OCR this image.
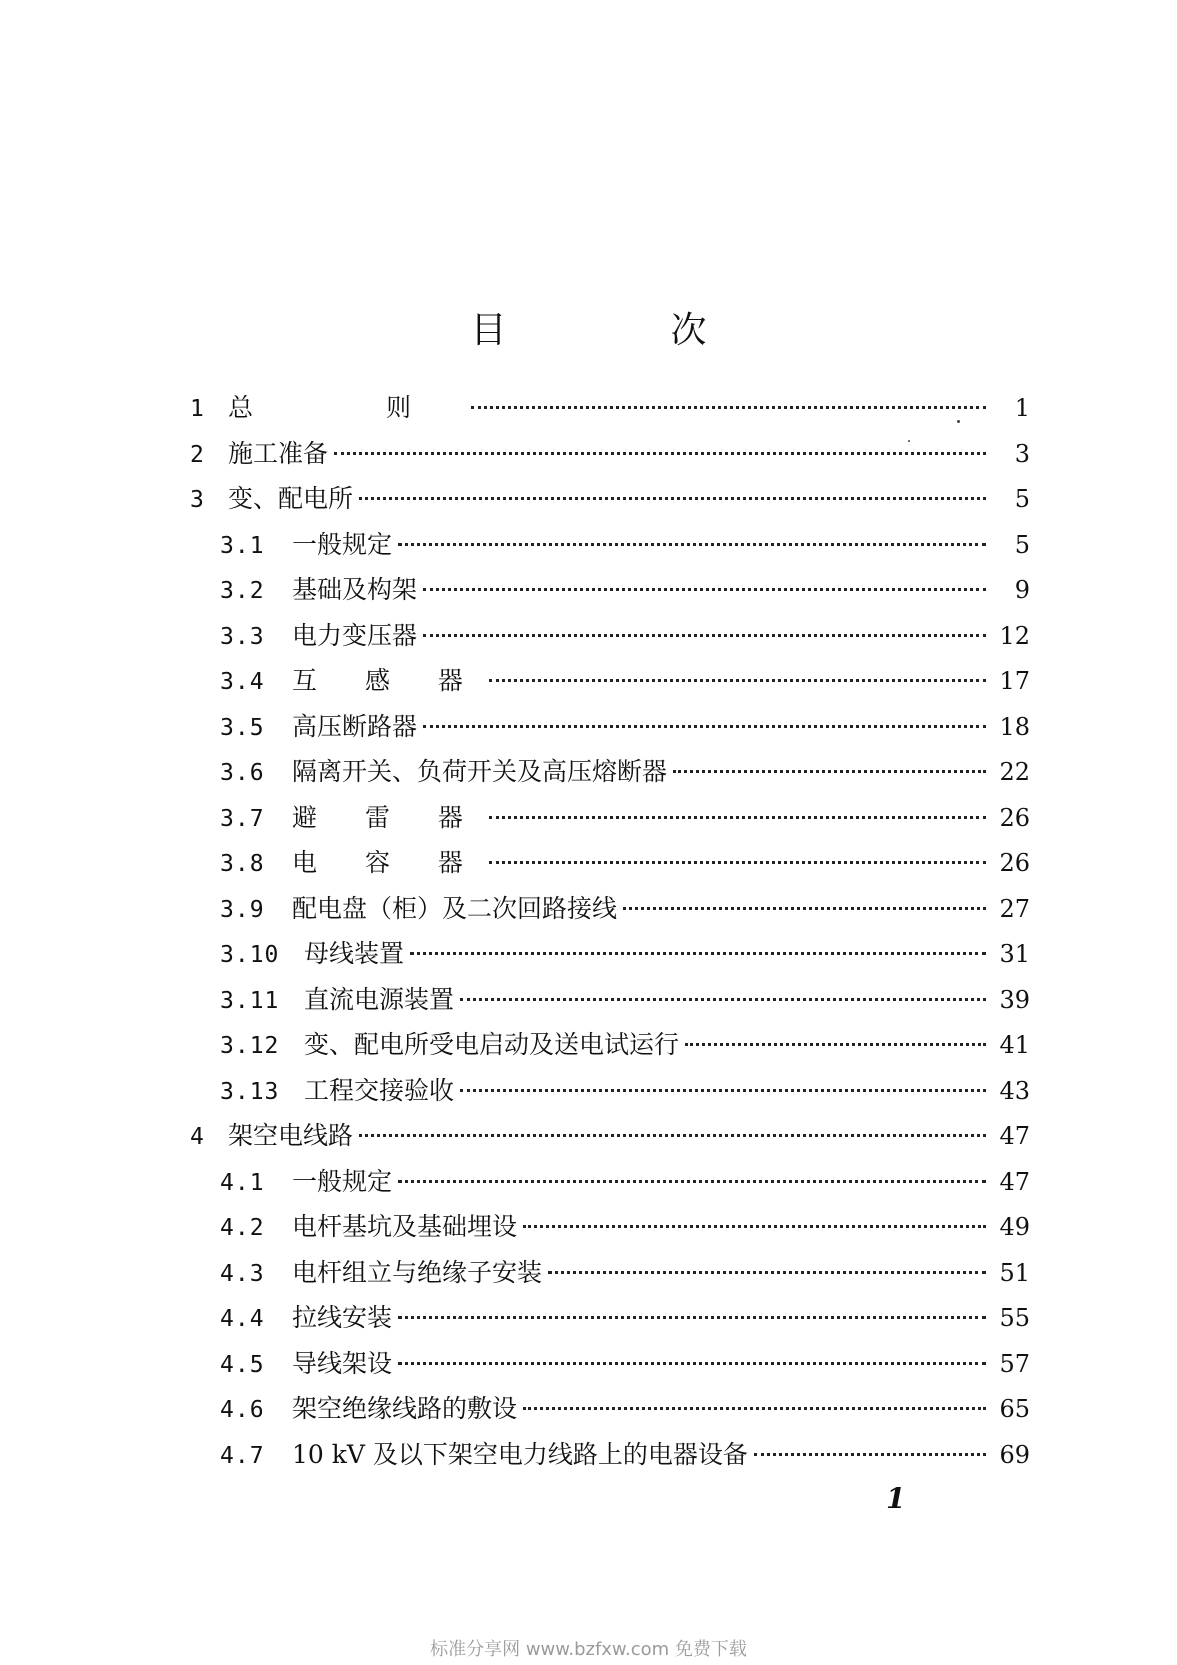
目　次
1 总　则	1
2 施工准备	3
3 变、配电所	5
3.1	一般规定	5
3.2	基础及构架	9
3.3	电力变压器	12
3.4	互 感 器	17
3.5	高压断路器	18
3.6	隔离开关、负荷开关及高压熔断器	22
3.7	避 雷 器	26
3.8	电 容 器	26
3.9	配电盘（柜）及二次回路接线	27
3.10 母线装置	31
3.11 直流电源装置	39
3.12 变、配电所受电启动及送电试运行	41
3.13 工程交接验收	43
4 架空电线路	47
4.1	一般规定	47
4.2	电杆基坑及基础埋设	49
4.3	电杆组立与绝缘子安装	51
4.4	拉线安装	55
4.5	导线架设	57
4.6	架空绝缘线路的敷设	65
4.7	10 kV 及以下架空电力线路上的电器设备	69
1
标准分享网 www.bzfxw.com 免费下载
